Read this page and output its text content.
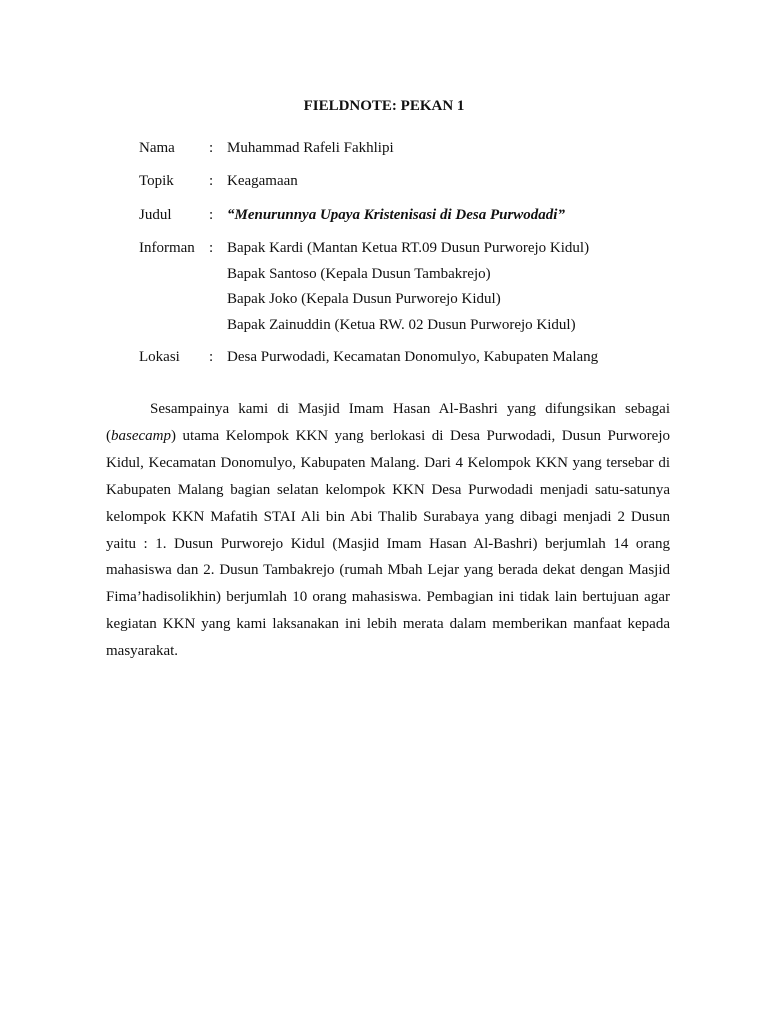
FIELDNOTE: PEKAN 1
Nama : Muhammad Rafeli Fakhlipi
Topik : Keagamaan
Judul : “Menurunnya Upaya Kristenisasi di Desa Purwodadi”
Informan : Bapak Kardi (Mantan Ketua RT.09 Dusun Purworejo Kidul)
Bapak Santoso (Kepala Dusun Tambakrejo)
Bapak Joko (Kepala Dusun Purworejo Kidul)
Bapak Zainuddin (Ketua RW. 02 Dusun Purworejo Kidul)
Lokasi : Desa Purwodadi, Kecamatan Donomulyo, Kabupaten Malang

Sesampainya kami di Masjid Imam Hasan Al-Bashri yang difungsikan sebagai (basecamp) utama Kelompok KKN yang berlokasi di Desa Purwodadi, Dusun Purworejo Kidul, Kecamatan Donomulyo, Kabupaten Malang. Dari 4 Kelompok KKN yang tersebar di Kabupaten Malang bagian selatan kelompok KKN Desa Purwodadi menjadi satu-satunya kelompok KKN Mafatih STAI Ali bin Abi Thalib Surabaya yang dibagi menjadi 2 Dusun yaitu : 1. Dusun Purworejo Kidul (Masjid Imam Hasan Al-Bashri) berjumlah 14 orang mahasiswa dan 2. Dusun Tambakrejo (rumah Mbah Lejar yang berada dekat dengan Masjid Fima’hadisolikhin) berjumlah 10 orang mahasiswa. Pembagian ini tidak lain bertujuan agar kegiatan KKN yang kami laksanakan ini lebih merata dalam memberikan manfaat kepada masyarakat.
